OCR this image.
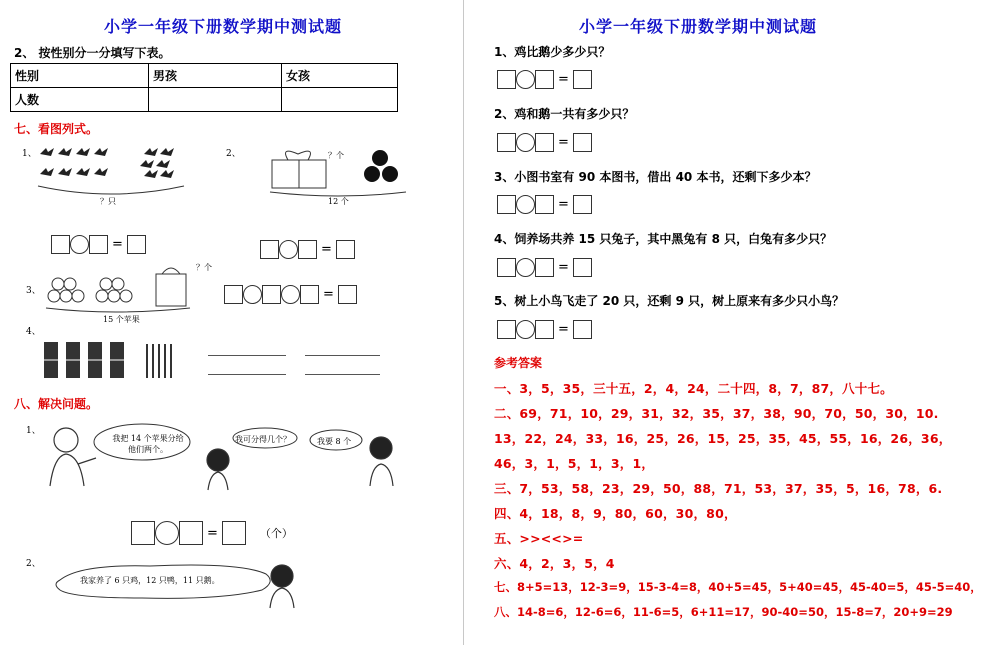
小学一年级下册数学期中测试题
2、 按性别分一分填写下表。
性别	男孩	女孩
人数		
七、看图列式。
1、
？只
2、	？个
12 个
=	=
3、
？个
15 个苹果
=
4、
八、解决问题。
1、
我把 14 个苹果分给他们两个。
我可分得几个？	我要 8 个
=	（个）
2、
我家养了 6 只鸡，12 只鸭，11 只鹅。
小学一年级下册数学期中测试题
1、鸡比鹅少多少只？
=
2、鸡和鹅一共有多少只？
=
3、小图书室有 90 本图书，借出 40 本书，还剩下多少本？
=
4、饲养场共养 15 只兔子，其中黑兔有 8 只，白兔有多少只？
=
5、树上小鸟飞走了 20 只，还剩 9 只，树上原来有多少只小鸟？
=
参考答案
一、3，5，35，三十五，2，4，24，二十四，8，7，87，八十七。
二、69，71，10，29，31，32，35，37，38，90，70，50，30，10.
13，22，24，33，16，25，26，15，25，35，45，55，16，26，36，
46，3，1，5，1，3，1，
三、7，53，58，23，29，50，88，71，53，37，35，5，16，78，6.
四、4，18，8，9，80，60，30，80，
五、>><<>=
六、4，2，3，5，4
七、8+5=13，12-3=9，15-3-4=8，40+5=45，5+40=45，45-40=5，45-5=40，
八、14-8=6，12-6=6，11-6=5，6+11=17，90-40=50，15-8=7，20+9=29
